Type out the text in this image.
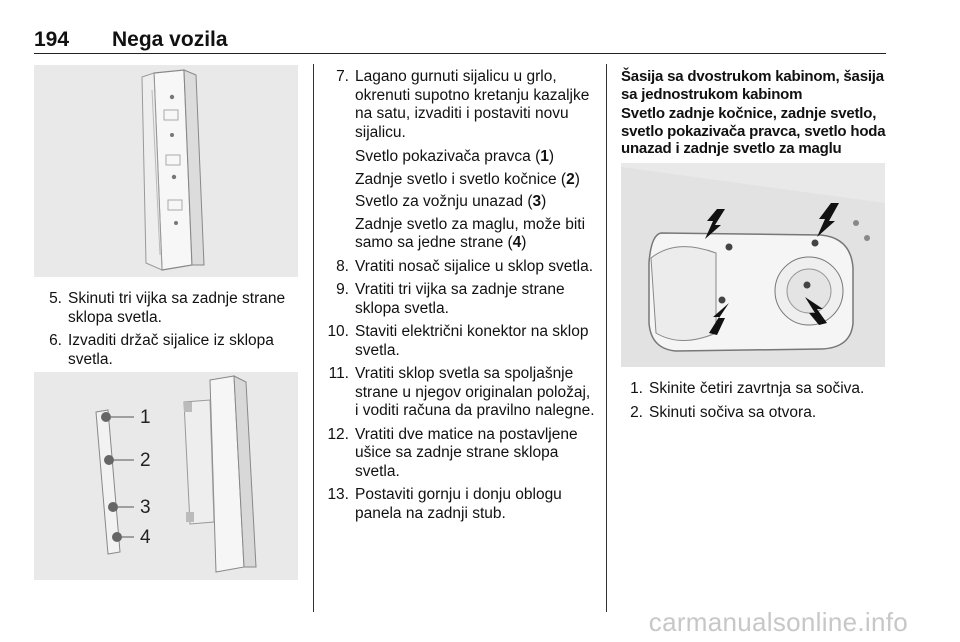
194 Nega vozila
5. Skinuti tri vijka sa zadnje strane sklopa svetla.
6. Izvaditi držač sijalice iz sklopa svetla.
1
2
3
4
7. Lagano gurnuti sijalicu u grlo, okrenuti supotno kretanju kazaljke na satu, izvaditi i postaviti novu sijalicu.
Svetlo pokazivača pravca (1)
Zadnje svetlo i svetlo kočnice (2)
Svetlo za vožnju unazad (3)
Zadnje svetlo za maglu, može biti samo sa jedne strane (4)
8. Vratiti nosač sijalice u sklop svetla.
9. Vratiti tri vijka sa zadnje strane sklopa svetla.
10. Staviti električni konektor na sklop svetla.
11. Vratiti sklop svetla sa spoljašnje strane u njegov originalan položaj, i voditi računa da pravilno nalegne.
12. Vratiti dve matice na postavljene ušice sa zadnje strane sklopa svetla.
13. Postaviti gornju i donju oblogu panela na zadnji stub.
Šasija sa dvostrukom kabinom, šasija sa jednostrukom kabinom
Svetlo zadnje kočnice, zadnje svetlo, svetlo pokazivača pravca, svetlo hoda unazad i zadnje svetlo za maglu
1. Skinite četiri zavrtnja sa sočiva.
2. Skinuti sočiva sa otvora.
carmanualsonline.info
